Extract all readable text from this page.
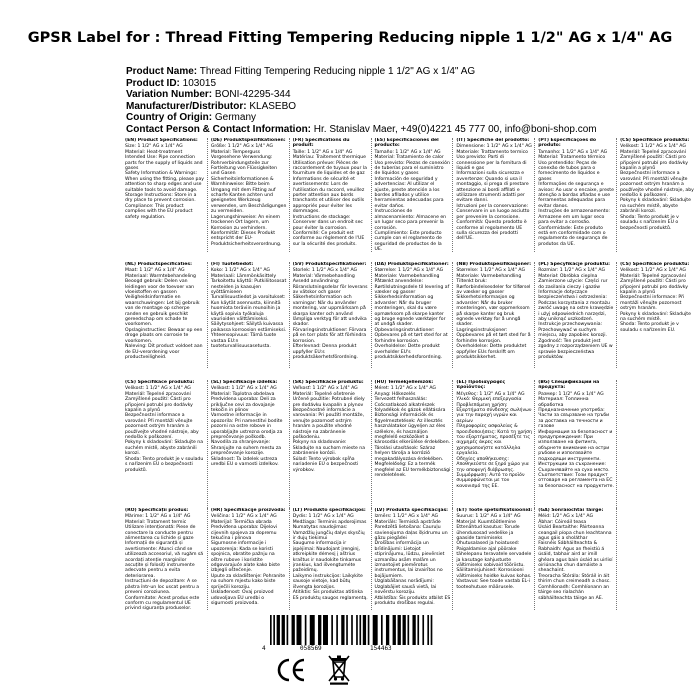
GPSR Label for : Thread Fitting Tempering Reducing nipple 1 1/2" AG x 1/4" AG
Product Name: Thread Fitting Tempering Reducing nipple 1 1/2" AG x 1/4" AG
Product ID: 103015
Variation Number: BONI-42295-344
Manufacturer/Distributor: KLASEBO
Country of Origin: Germany
Contact Person & Contact Information: Hr. Stanislav Maer, +49(0)4221 45 777 00, info@boni-shop.com
(EN) Product Specifications:
Size: 1 1/2" AG x 1/4" AG
Material: Heat-treatment
Intended Use: Pipe connection parts for the supply of liquids and gases
Safety Information & Warnings: When using the fitting, please pay attention to sharp edges and use suitable tools to avoid damage.
Storage Instructions: Store in a dry place to prevent corrosion.
Compliance: This product complies with the EU product safety regulation.
(DE) Produktspezifikationen:
Größe: 1 1/2" AG x 1/4" AG
Material: Temperguss
Vorgesehene Verwendung: Rohrverbindungsteile zur Fortleitung von Flüssigkeiten und Gasen
Sicherheitsinformationen & Warnhinweise: Bitte beim Umgang mit dem Fitting auf scharfe Kanten achten und geeignetes Werkzeug verwenden, um Beschädigungen zu vermeiden.
Lagerungshinweise: An einem trockenen Ort lagern, um Korrosion zu verhindern.
Konformität: Dieses Produkt entspricht der EU-Produktsicherheitsverordnung.
(FR) Spécifications du produit:
Taille: 1 1/2" AG x 1/4" AG
Matériau: Traitement thermique
Utilisation prévue: Pièces de raccordement de tuyaux pour la fourniture de liquides et de gaz
Informations de sécurité et avertissements: Lors de l'utilisation du raccord, veuillez porter attention aux bords tranchants et utiliser des outils appropriés pour éviter les dommages.
Instructions de stockage: Conserver dans un endroit sec pour éviter la corrosion.
Conformité: Ce produit est conforme au règlement de l'UE sur la sécurité des produits.
(ES) Especificaciones del producto:
Tamaño: 1 1/2" AG x 1/4" AG
Material: Tratamiento de calor
Uso previsto: Piezas de conexión de tuberías para el suministro de líquidos y gases
Información de seguridad y advertencias: Al utilizar el ajuste, preste atención a los bordes afilados y utilice herramientas adecuadas para evitar daños.
Instrucciones de almacenamiento: Almacene en un lugar seco para prevenir la corrosión.
Cumplimiento: Este producto cumple con el reglamento de seguridad de productos de la UE.
(IT) Specifiche del prodotto:
Dimensione: 1 1/2" AG x 1/4" AG
Materiale: Trattamento termico
Uso previsto: Parti di connessione per la fornitura di liquidi e gas
Informazioni sulla sicurezza e avvertenze: Quando si usa il montaggio, si prega di prestare attenzione ai bordi affilati e utilizzare strumenti adatti per evitare danni.
Istruzioni per la conservazione: Conservare in un luogo asciutto per prevenire la corrosione.
Conformità: Questo prodotto è conforme al regolamento UE sulla sicurezza dei prodotti dell'UE.
(PT) Especificações do produto:
Tamanho: 1 1/2" AG x 1/4" AG
Material: Tratamento térmico
Uso pretendido: Peças de conexão de tubos para o fornecimento de líquidos e gases
Informações de segurança e avisos: Ao usar o encaixe, preste atenção a bordas afiadas e use ferramentas adequadas para evitar danos.
Instruções de armazenamento: Armazene em um lugar seco para evitar a corrosão.
Conformidade: Este produto está em conformidade com o regulamento de segurança de produtos da UE.
(CS) Specifikace produktu:
Velikost: 1 1/2" AG x 1/4" AG
Materiál: Tepelné zpracování
Zamýšlené použití: Části pro připojení potrubí pro dodávky kapalin a plynů
Bezpečnostní informace a varování: Při montáži věnujte pozornost ostrým hranám a používejte vhodné nástroje, aby nedošlo k poškození.
Pokyny k skladování: Skladujte na suchém místě, abyste zabránili korozi.
Shoda: Tento produkt je v souladu s nařízením EU o bezpečnosti produktů.
(NL) Productspecificaties:
Maat: 1 1/2" AG x 1/4" AG
Materiaal: Warmtebehandeling
Beoogd gebruik: Delen van leidingen voor de toevoer van vloeistoffen en gassen
Veiligheidsinformatie en waarschuwingen: Let bij gebruik van de montage op scherpe randen en gebruik geschikt gereedschap om schade te voorkomen.
Opslaginstructies: Bewaar op een droge plaats om corrosie te voorkomen.
Naleving: Dit product voldoet aan de EU-verordening voor productveiligheid.
(FI) Tuotetiedot:
Koko: 1 1/2" AG x 1/4" AG
Materiaali: Lämmönkäsittely
Tarkoitettu käyttö: Putkiliitososat nesteiden ja kaasujen syöttämiseen
Turvallisuustiedot ja varoitukset: Kun käytät asennusta, kiinnitä huomiota teräviin reunoihin ja käytä sopivia työkaluja vaurioiden välttämiseksi.
Säilytysohjeet: Säilytä kuivassa paikassa korroosion estämiseksi.
Yhteensopivuus: Tämä tuote vastaa EU:n tuoteturvallisuusasetusta.
(SV) Produktspecifikationer:
Storlek: 1 1/2" AG x 1/4" AG
Material: Värmebehandling
Avsedd användning: Röranslutningsdelar för leverans av vätskor och gaser
Säkerhetsinformation och varningar: När du använder montering, var uppmärksam på skarpa kanter och använd lämpliga verktyg för att undvika skador.
Förvaringsinstruktioner: Förvara på en torr plats för att förhindra korrosion.
Efterlevnad: Denna produkt uppfyller EU:s produktsäkerhetsförordning.
(DA) Produktspecifikationer:
Størrelse: 1 1/2" AG x 1/4" AG
Materiale: Varmebehandling
Påtænkt anvendelse: Rørtilslutningsdele til levering af væsker og gasser
Sikkerhedsinformation og advarsler: Når du bruger monteringen, skal du være opmærksom på skarpe kanter og bruge egnede værktøjer for at undgå skader.
Opbevaringsinstruktioner: Opbevares på et tørt sted for at forhindre korrosion.
Overholdelse: Dette produkt overholder EU's produktsikkerhedsforordning.
(NB) Produktspesifikasjoner:
Størrelse: 1 1/2" AG x 1/4" AG
Materiale: Varmebehandling
Tiltenkt bruk: Rørforbindelsesdeler for tilførsel av væsker og gasser
Sikkerhetsinformasjon og advarsler: Når du bruker monteringen, vær oppmerksom på skarpe kanter og bruk egnede verktøy for å unngå skader.
Lagringsinstruksjoner: Oppbevares på et tørt sted for å forhindre korrosjon.
Overholdelse: Dette produktet oppfyller EUs forskrift om produktsikkerhet.
(PL) Specyfikacje produktu:
Rozmiar: 1 1/2" AG x 1/4" AG
Materiał: Obróbka cieplna
Zamierzone użycie: Części rur do zasilania cieczy i gazów
Informacje dotyczące bezpieczeństwa i ostrzeżenia: Podczas korzystania z montażu zwróć uwagę na ostre krawędzie i użyj odpowiednich narzędzi, aby uniknąć uszkodzeń.
Instrukcje przechowywania: Przechowywać w suchym miejscu, aby zapobiec korozji.
Zgodność: Ten produkt jest zgodny z rozporządzeniem UE w sprawie bezpieczeństwa produktów.
(CS) Specifikace produktu:
Velikost: 1 1/2" AG x 1/4" AG
Materiál: Tepelné zpracování
Zamýšlené použití: Části pro připojení potrubí pro dodávky kapalin a plynů
Bezpečnostní informace: Při montáži věnujte pozornost ostrým hranám.
Pokyny k skladování: Skladujte na suchém místě.
Shoda: Tento produkt je v souladu s nařízením EU.
(CS) Specifikace produktu:
Velikost: 1 1/2" AG x 1/4" AG
Materiál: Tepelné zpracování
Zamýšlené použití: Části pro připojení potrubí pro dodávky kapalin a plynů
Bezpečnostní informace a varování: Při montáži věnujte pozornost ostrým hranám a používejte vhodné nástroje, aby nedošlo k poškození.
Pokyny k skladování: Skladujte na suchém místě, abyste zabránili korozi.
Shoda: Tento produkt je v souladu s nařízením EU o bezpečnosti produktů.
(SL) Specifikacije izdelka:
Velikost: 1 1/2" AG x 1/4" AG
Material: Toplotna obdelava
Predvidena uporaba: Deli za priključne cevi za dovajanje tekočin in plinov
Varnostne informacije in opozorila: Pri namestitvi bodite pozorni na ostre robove in uporabljajte ustrezna orodja za preprečevanje poškodb.
Navodila za shranjevanje: Shranjujte na suhem mestu za preprečevanje korozije.
Skladnost: Ta izdelek ustreza uredbi EU o varnosti izdelkov.
(SK) Špecifikácie produktu:
Veľkosť: 1 1/2" AG x 1/4" AG
Materiál: Tepelné ošetrenie
Určené použitie: Potrubné diely pre dodávku kvapalín a plynov
Bezpečnostné informácie a varovania: Pri použití montáže, venujte pozornosť ostrým hranám a použite vhodné nástroje na zabránenie poškodeniu.
Pokyny na skladovanie: Skladujte na suchom mieste na zabránenie korózii.
Súlad: Tento výrobok spĺňa nariadenie EÚ o bezpečnosti výrobkov.
(HU) Termékjellemzők:
Méret: 1 1/2" AG x 1/4" AG
Anyag: Hőkezelés
Tervezett felhasználás: Csőcsatlakozó alkatrészek folyadékok és gázok ellátására
Biztonsági információk és figyelmeztetések: Az illesztés használatakor ügyeljen az éles szélekre, és használjon megfelelő eszközöket a károsodás elkerülése érdekében.
Tárolási utasítások: Száraz helyen tárolja a korrózió megakadályozása érdekében.
Megfelelőség: Ez a termék megfelel az EU termékbiztonsági rendeletének.
(EL) Προδιαγραφές προϊόντος:
Μέγεθος: 1 1/2" AG x 1/4" AG
Υλικό: Θερμική επεξεργασία
Προβλεπόμενη χρήση: Εξαρτήματα σύνδεσης σωλήνων για την παροχή υγρών και αερίων
Πληροφορίες ασφαλείας & προειδοποιήσεις: Κατά τη χρήση του εξαρτήματος, προσέξτε τις αιχμηρές άκρες και χρησιμοποιήστε κατάλληλα εργαλεία.
Οδηγίες αποθήκευσης: Αποθηκεύστε σε ξηρό χώρο για την αποφυγή διάβρωσης.
Συμμόρφωση: Αυτό το προϊόν συμμορφώνεται με τον κανονισμό της ΕΕ.
(BG) Спецификации на продукта:
Размер: 1 1/2" AG x 1/4" AG
Материал: Топлинна обработка
Предназначение употреба: Части за свързване на тръби за доставка на течности и газове
Информация за безопасност и предупреждения: При използване на фитинга, обърнете внимание на остри ръбове и използвайте подходящи инструменти.
Инструкции за съхранение: Съхранявайте на сухо място.
Съответствие: Този продукт отговаря на регламента на ЕС за безопасност на продуктите.
(RO) Specificații produs:
Mărime: 1 1/2" AG x 1/4" AG
Material: Tratament termic
Utilizare intenționată: Piese de conectare la conducte pentru alimentarea cu lichide și gaze
Informații de siguranță și avertismente: Atunci când se utilizează accesoriul, vă rugăm să acordați atenție marginilor ascuțite și folosiți instrumente adecvate pentru a evita deteriorarea.
Instrucțiuni de depozitare: A se păstra într-un loc uscat pentru a preveni coroziunea.
Conformitate: Acest produs este conform cu regulamentul UE privind siguranța produselor.
(HR) Specifikacije proizvoda:
Veličina: 1 1/2" AG x 1/4" AG
Materijal: Termička obrada
Predviđena uporaba: Dijelovi cijevnih spojeva za dopremu tekućina i plinova
Sigurnosne informacije i upozorenja: Kada se koristi spojnica, obratite pažnju na oštre rubove i koristite odgovarajuće alate kako biste izbjegli oštećenje.
Upute za skladištenje: Pohranite na suhom mjestu kako biste spriječili koroziju.
Usklađenost: Ovaj proizvod udovoljava EU uredbi o sigurnosti proizvoda.
(LT) Produkto specifikacijos:
Dydis: 1 1/2" AG x 1/4" AG
Medžiaga: Terminis apdorojimas
Numatytas naudojimas: Vamzdžių jungčių dalys skysčių ir dujų tiekimui
Saugumo informacija ir įspėjimai: Naudojant įrenginį, atkreipkite dėmesį į aštrius kraštus ir naudokite tinkamus įrankius, kad išvengtumėte pažeidimų.
Laikymo instrukcijos: Laikykite sausoje vietoje, kad būtų išvengta korozijos.
Atitiktis: Šis produktas atitinka ES produktų saugos reglamentą.
(LV) Produkta specifikācijas:
Izmērs: 1 1/2" AG x 1/4" AG
Materiāls: Termiskā apstrāde
Paredzētā lietošana: Cauruļu savienojuma daļas šķidrumu un gāzu piegādei
Drošības informācija un brīdinājumi: Lietojot stiprinājumu, lūdzu, pievērsiet uzmanību asām malām un izmantojiet piemērotus instrumentus, lai izvairītos no bojājumiem.
Uzglabāšanas norādījumi: Uzglabājiet sausā vietā, lai novērstu koroziju.
Atbilstība: Šis produkts atbilst ES produktu drošības regulai.
(ET) Toote spetsifikatsioonid:
Suurus: 1 1/2" AG x 1/4" AG
Materjal: Kuumtöötlemine
Ettenähtud kasutus: Torude ühendusosad vedelike ja gaaside tarnimiseks
Ohutusalased ja hoiatused: Paigaldamise ajal pöörake tähelepanu teravatele servadele ja kasutage kahjustuste vältimiseks sobivaid tööriistu.
Säilitamisjuhised: Korrosiooni vältimiseks hoidke kuivas kohas.
Vastavus: See toode vastab EL-i tooteohutuse määrusele.
(GA) Sonraíochtaí Táirge:
Méid: 1/2" AG x 1/4" AG
Ábhar: Cóireáil teasa
Úsáid Beartaithe: Páirteanna ceangail píopa chun leachtanna agus gáis a sholáthar
Faisnéis Sábháilteachta & Rabhaidh: Agus an fheistiú á úsáid, tabhair aird ar imill ghéara agus bain úsáid as uirlisí oiriúnacha chun damáiste a sheachaint.
Treoracha Stórála: Stóráil in áit thirim chun creimeadh a chosc.
Comhlíonadh: Comhlíonann an táirge seo rialachán sábháilteachta táirge an AE.
4	058569	154463
